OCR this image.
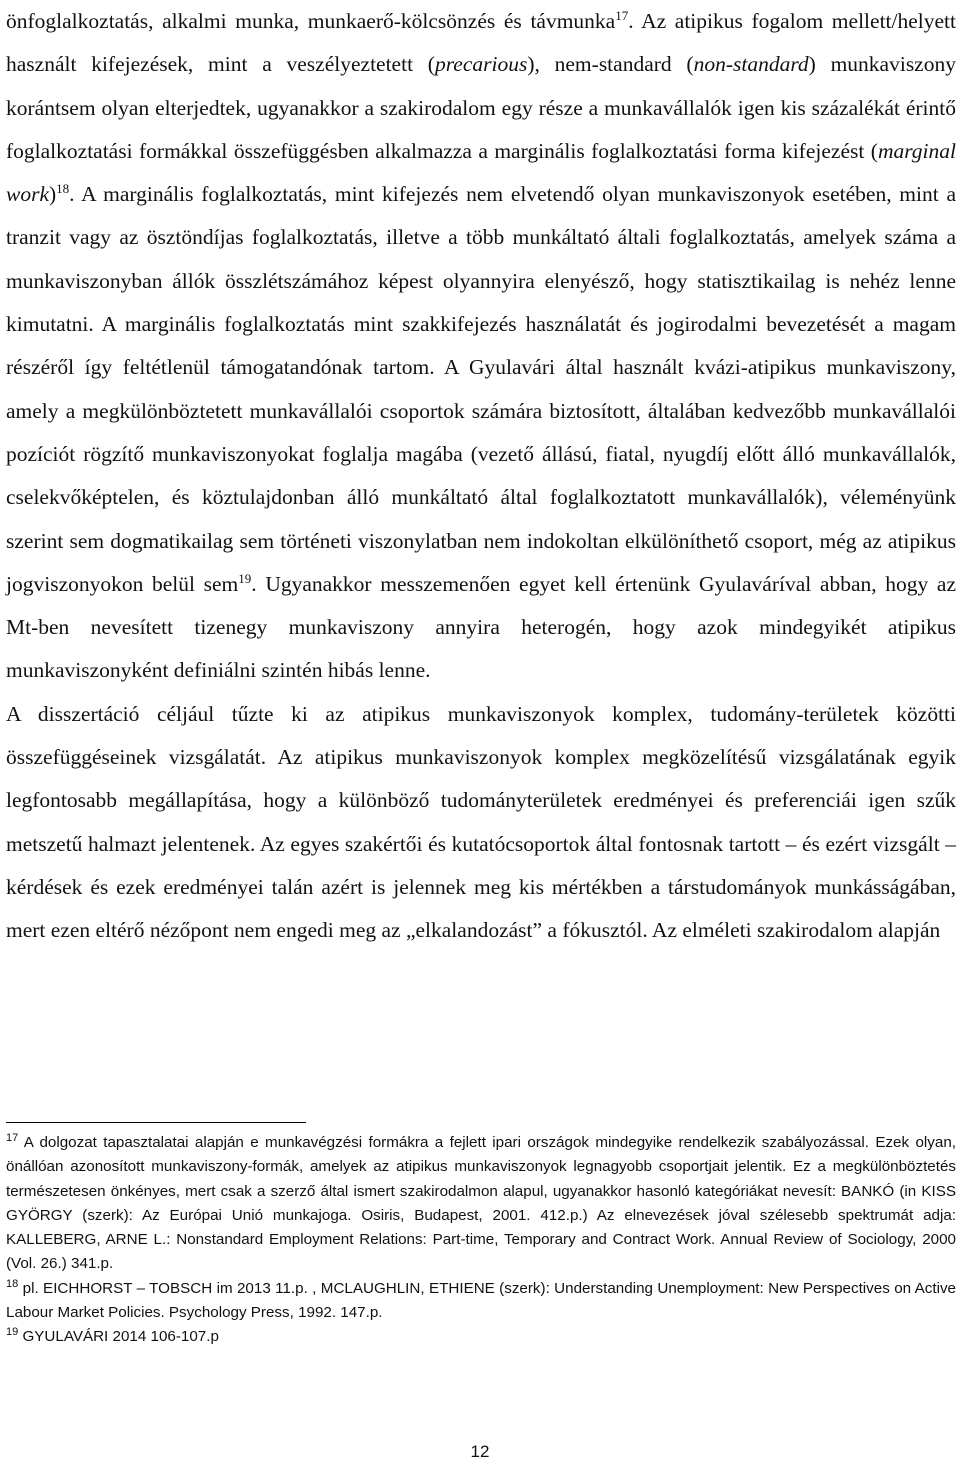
önfoglalkoztatás, alkalmi munka, munkaerő-kölcsönzés és távmunka$^{17}$. Az atipikus fogalom mellett/helyett használt kifejezések, mint a veszélyeztetett (precarious), nem-standard (non-standard) munkaviszony korántsem olyan elterjedtek, ugyanakkor a szakirodalom egy része a munkavállalók igen kis százalékát érintő foglalkoztatási formákkal összefüggésben alkalmazza a marginális foglalkoztatási forma kifejezést (marginal work)$^{18}$. A marginális foglalkoztatás, mint kifejezés nem elvetendő olyan munkaviszonyok esetében, mint a tranzit vagy az ösztöndíjas foglalkoztatás, illetve a több munkáltató általi foglalkoztatás, amelyek száma a munkaviszonyban állók összlétszámához képest olyannyira elenyésző, hogy statisztikailag is nehéz lenne kimutatni. A marginális foglalkoztatás mint szakkifejezés használatát és jogirodalmi bevezetését a magam részéről így feltétlenül támogatandónak tartom. A Gyulavári által használt kvázi-atipikus munkaviszony, amely a megkülönböztetett munkavállalói csoportok számára biztosított, általában kedvezőbb munkavállalói pozíciót rögzítő munkaviszonyokat foglalja magába (vezető állású, fiatal, nyugdíj előtt álló munkavállalók, cselekvőképtelen, és köztulajdonban álló munkáltató által foglalkoztatott munkavállalók), véleményünk szerint sem dogmatikailag sem történeti viszonylatban nem indokoltan elkülöníthető csoport, még az atipikus jogviszonyokon belül sem$^{19}$. Ugyanakkor messzemenően egyet kell értenünk Gyulaváríval abban, hogy az Mt-ben nevesített tizenegy munkaviszony annyira heterogén, hogy azok mindegyikét atipikus munkaviszonyként definiálni szintén hibás lenne.

A disszertáció céljául tűzte ki az atipikus munkaviszonyok komplex, tudomány-területek közötti összefüggéseinek vizsgálatát. Az atipikus munkaviszonyok komplex megközelítésű vizsgálatának egyik legfontosabb megállapítása, hogy a különböző tudományterületek eredményei és preferenciái igen szűk metszetű halmazt jelentenek. Az egyes szakértői és kutatócsoportok által fontosnak tartott – és ezért vizsgált – kérdések és ezek eredményei talán azért is jelennek meg kis mértékben a társtudományok munkásságában, mert ezen eltérő nézőpont nem engedi meg az „elkalandozást” a fókusztól. Az elméleti szakirodalom alapján

$^{17}$ A dolgozat tapasztalatai alapján e munkavégzési formákra a fejlett ipari országok mindegyike rendelkezik szabályozással. Ezek olyan, önállóan azonosított munkaviszony-formák, amelyek az atipikus munkaviszonyok legnagyobb csoportjait jelentik. Ez a megkülönböztetés természetesen önkényes, mert csak a szerző által ismert szakirodalmon alapul, ugyanakkor hasonló kategóriákat nevesít: BANKÓ (in KISS GYÖRGY (szerk): Az Európai Unió munkajoga. Osiris, Budapest, 2001. 412.p.) Az elnevezések jóval szélesebb spektrumát adja: KALLEBERG, ARNE L.: Nonstandard Employment Relations: Part-time, Temporary and Contract Work. Annual Review of Sociology, 2000 (Vol. 26.) 341.p.

$^{18}$ pl. EICHHORST – TOBSCH im 2013 11.p. , MCLAUGHLIN, ETHIENE (szerk): Understanding Unemployment: New Perspectives on Active Labour Market Policies. Psychology Press, 1992. 147.p.

$^{19}$ GYULAVÁRI 2014 106-107.p

12
